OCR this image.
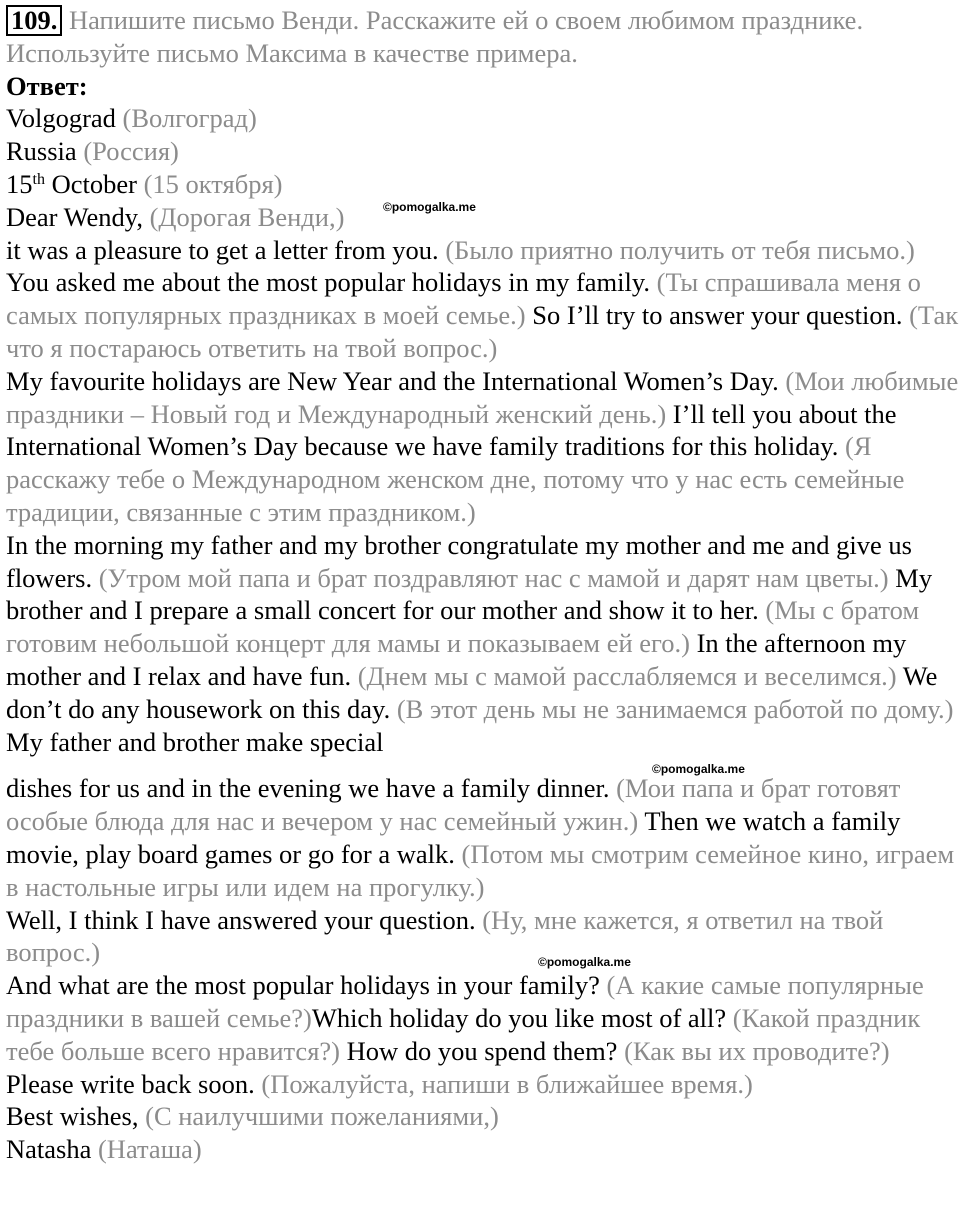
109. Напишите письмо Венди. Расскажите ей о своем любимом празднике. Используйте письмо Максима в качестве примера.
Ответ:
Volgograd (Волгоград)
Russia (Россия)
15th October (15 октября)
Dear Wendy, (Дорогая Венди,)
it was a pleasure to get a letter from you. (Было приятно получить от тебя письмо.) You asked me about the most popular holidays in my family. (Ты спрашивала меня о самых популярных праздниках в моей семье.) So I’ll try to answer your question. (Так что я постараюсь ответить на твой вопрос.)
My favourite holidays are New Year and the International Women’s Day. (Мои любимые праздники – Новый год и Международный женский день.) I’ll tell you about the International Women’s Day because we have family traditions for this holiday. (Я расскажу тебе о Международном женском дне, потому что у нас есть семейные традиции, связанные с этим праздником.)
In the morning my father and my brother congratulate my mother and me and give us flowers. (Утром мой папа и брат поздравляют нас с мамой и дарят нам цветы.) My brother and I prepare a small concert for our mother and show it to her. (Мы с братом готовим небольшой концерт для мамы и показываем ей его.) In the afternoon my mother and I relax and have fun. (Днем мы с мамой расслабляемся и веселимся.) We don’t do any housework on this day. (В этот день мы не занимаемся работой по дому.) My father and brother make special
dishes for us and in the evening we have a family dinner. (Мои папа и брат готовят особые блюда для нас и вечером у нас семейный ужин.) Then we watch a family movie, play board games or go for a walk. (Потом мы смотрим семейное кино, играем в настольные игры или идем на прогулку.)
Well, I think I have answered your question. (Ну, мне кажется, я ответил на твой вопрос.)
And what are the most popular holidays in your family? (А какие самые популярные праздники в вашей семье?)Which holiday do you like most of all? (Какой праздник тебе больше всего нравится?) How do you spend them? (Как вы их проводите?)
Please write back soon. (Пожалуйста, напиши в ближайшее время.)
Best wishes, (С наилучшими пожеланиями,)
Natasha (Наташа)
©pomogalka.me
©pomogalka.me
©pomogalka.me
